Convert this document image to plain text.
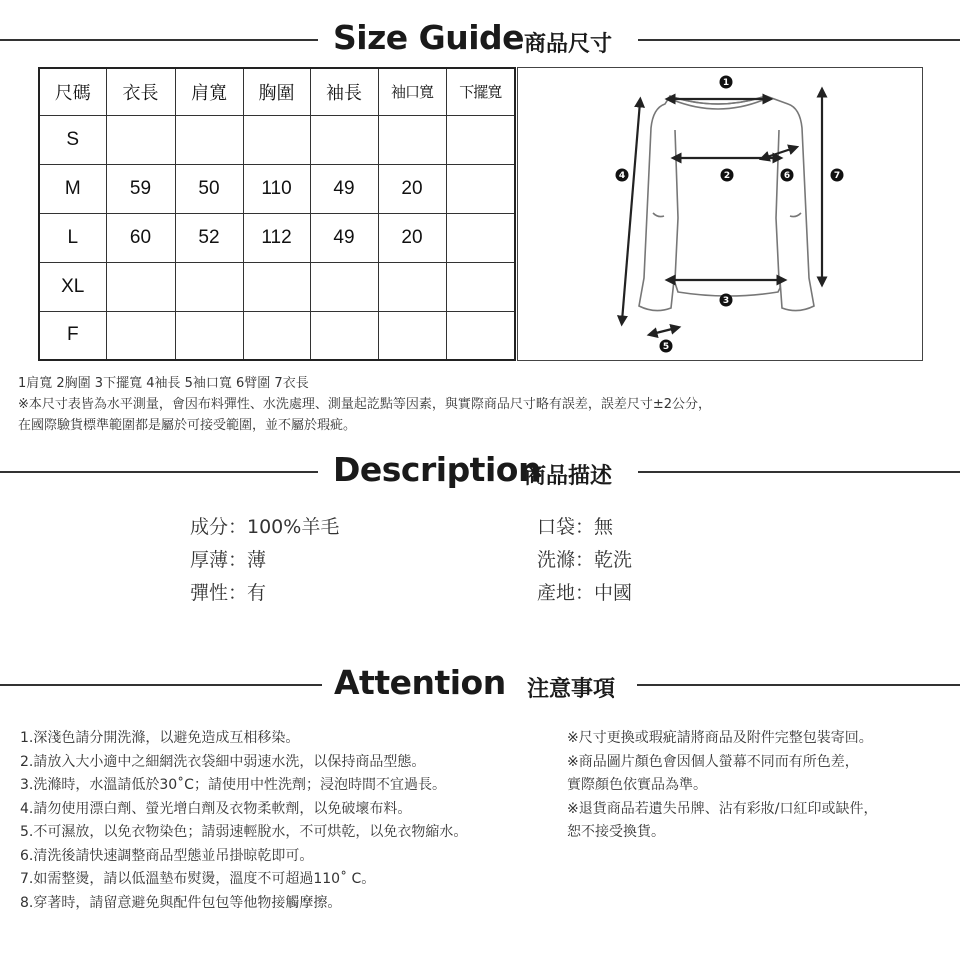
Size Guide 商品尺寸
尺碼	衣長	肩寬	胸圍	袖長	袖口寬	下擺寬
S						
M	59	50	110	49	20	
L	60	52	112	49	20	
XL						
F						
1
2
3
4
5
6	7
1肩寬 2胸圍 3下擺寬 4袖長 5袖口寬 6臂圍 7衣長
※本尺寸表皆為水平測量，會因布料彈性、水洗處理、測量起訖點等因素，與實際商品尺寸略有誤差，誤差尺寸±2公分，
在國際驗貨標準範圍都是屬於可接受範圍，並不屬於瑕疵。
Description
商品描述
成分：100%羊毛
厚薄：薄
彈性：有
口袋：無
洗滌：乾洗
產地：中國
Attention 注意事項
1.深淺色請分開洗滌，以避免造成互相移染。
2.請放入大小適中之細網洗衣袋細中弱速水洗，以保持商品型態。
3.洗滌時，水溫請低於30˚C；請使用中性洗劑；浸泡時間不宜過長。
4.請勿使用漂白劑、螢光增白劑及衣物柔軟劑，以免破壞布料。
5.不可濕放，以免衣物染色；請弱速輕脫水，不可烘乾，以免衣物縮水。
6.清洗後請快速調整商品型態並吊掛晾乾即可。
7.如需整燙，請以低溫墊布熨燙，溫度不可超過110˚ C。
8.穿著時，請留意避免與配件包包等他物接觸摩擦。
※尺寸更換或瑕疵請將商品及附件完整包裝寄回。
※商品圖片顏色會因個人螢幕不同而有所色差，
實際顏色依實品為準。
※退貨商品若遺失吊牌、沾有彩妝/口紅印或缺件，
恕不接受換貨。
